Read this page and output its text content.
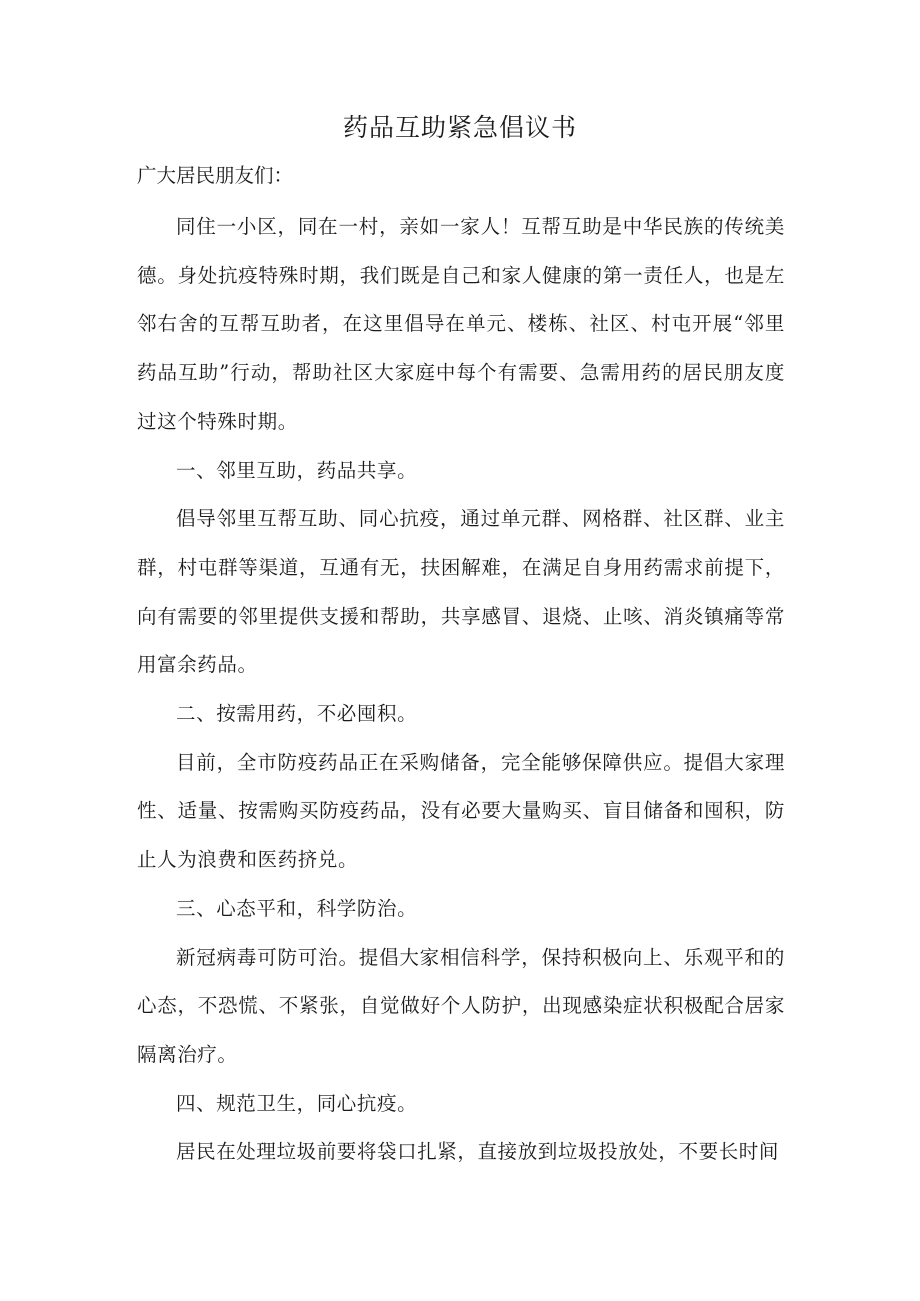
药品互助紧急倡议书

广大居民朋友们：

同住一小区，同在一村，亲如一家人！互帮互助是中华民族的传统美德。身处抗疫特殊时期，我们既是自己和家人健康的第一责任人，也是左邻右舍的互帮互助者，在这里倡导在单元、楼栋、社区、村屯开展“邻里药品互助”行动，帮助社区大家庭中每个有需要、急需用药的居民朋友度过这个特殊时期。

一、邻里互助，药品共享。

倡导邻里互帮互助、同心抗疫，通过单元群、网格群、社区群、业主群，村屯群等渠道，互通有无，扶困解难，在满足自身用药需求前提下，向有需要的邻里提供支援和帮助，共享感冒、退烧、止咳、消炎镇痛等常用富余药品。

二、按需用药，不必囤积。

目前，全市防疫药品正在采购储备，完全能够保障供应。提倡大家理性、适量、按需购买防疫药品，没有必要大量购买、盲目储备和囤积，防止人为浪费和医药挤兑。

三、心态平和，科学防治。

新冠病毒可防可治。提倡大家相信科学，保持积极向上、乐观平和的心态，不恐慌、不紧张，自觉做好个人防护，出现感染症状积极配合居家隔离治疗。

四、规范卫生，同心抗疫。

居民在处理垃圾前要将袋口扎紧，直接放到垃圾投放处，不要长时间
